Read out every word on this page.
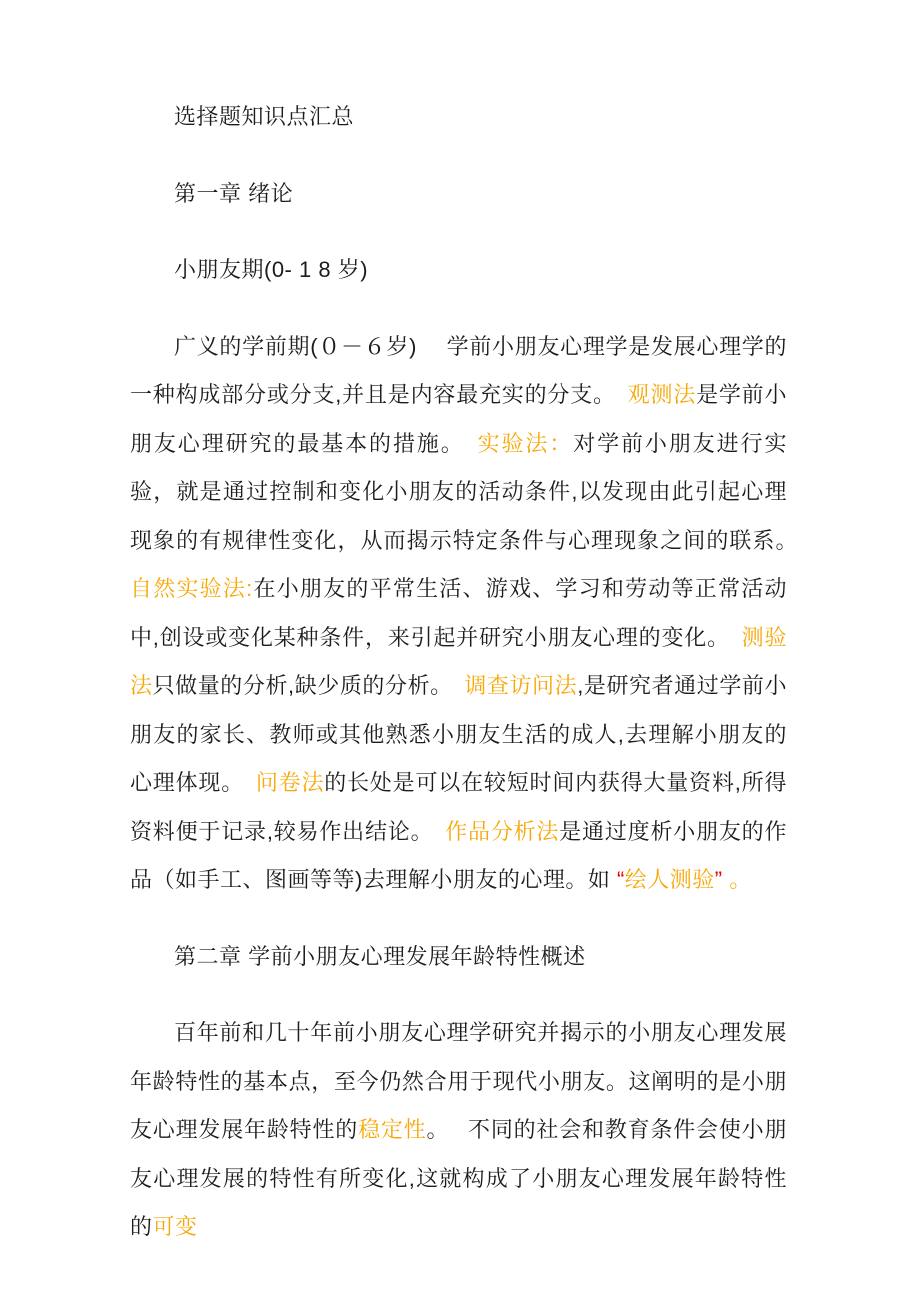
选择题知识点汇总

第一章 绪论

小朋友期(0- 1 8 岁)

广义的学前期(０－６岁)　 学前小朋友心理学是发展心理学的一种构成部分或分支,并且是内容最充实的分支。　观测法是学前小朋友心理研究的最基本的措施。　实验法：对学前小朋友进行实验，就是通过控制和变化小朋友的活动条件,以发现由此引起心理现象的有规律性变化，从而揭示特定条件与心理现象之间的联系。　自然实验法:在小朋友的平常生活、游戏、学习和劳动等正常活动中,创设或变化某种条件，来引起并研究小朋友心理的变化。　测验法只做量的分析,缺少质的分析。　调查访问法,是研究者通过学前小朋友的家长、教师或其他熟悉小朋友生活的成人,去理解小朋友的心理体现。　问卷法的长处是可以在较短时间内获得大量资料,所得资料便于记录,较易作出结论。　作品分析法是通过度析小朋友的作品（如手工、图画等等)去理解小朋友的心理。如 “绘人测验” 。

第二章 学前小朋友心理发展年龄特性概述

百年前和几十年前小朋友心理学研究并揭示的小朋友心理发展年龄特性的基本点，至今仍然合用于现代小朋友。这阐明的是小朋友心理发展年龄特性的稳定性。　 不同的社会和教育条件会使小朋友心理发展的特性有所变化,这就构成了小朋友心理发展年龄特性的可变
